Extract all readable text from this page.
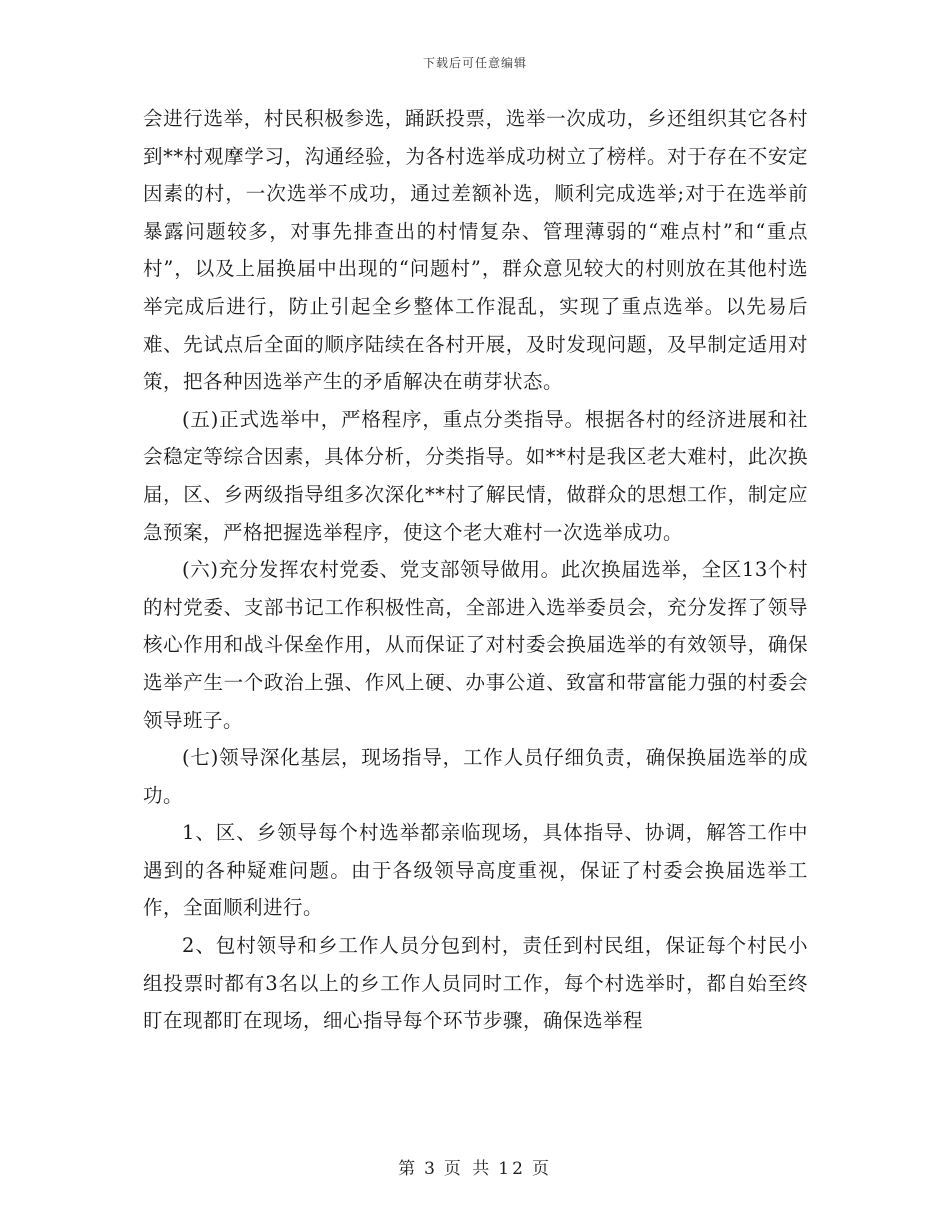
下载后可任意编辑

会进行选举，村民积极参选，踊跃投票，选举一次成功，乡还组织其它各村到**村观摩学习，沟通经验，为各村选举成功树立了榜样。对于存在不安定因素的村，一次选举不成功，通过差额补选，顺利完成选举;对于在选举前暴露问题较多，对事先排查出的村情复杂、管理薄弱的“难点村”和“重点村”，以及上届换届中出现的“问题村”，群众意见较大的村则放在其他村选举完成后进行，防止引起全乡整体工作混乱，实现了重点选举。以先易后难、先试点后全面的顺序陆续在各村开展，及时发现问题，及早制定适用对策，把各种因选举产生的矛盾解决在萌芽状态。

(五)正式选举中，严格程序，重点分类指导。根据各村的经济进展和社会稳定等综合因素，具体分析，分类指导。如**村是我区老大难村，此次换届，区、乡两级指导组多次深化**村了解民情，做群众的思想工作，制定应急预案，严格把握选举程序，使这个老大难村一次选举成功。

(六)充分发挥农村党委、党支部领导做用。此次换届选举，全区13个村的村党委、支部书记工作积极性高，全部进入选举委员会，充分发挥了领导核心作用和战斗保垒作用，从而保证了对村委会换届选举的有效领导，确保选举产生一个政治上强、作风上硬、办事公道、致富和带富能力强的村委会领导班子。

(七)领导深化基层，现场指导，工作人员仔细负责，确保换届选举的成功。

1、区、乡领导每个村选举都亲临现场，具体指导、协调，解答工作中遇到的各种疑难问题。由于各级领导高度重视，保证了村委会换届选举工作，全面顺利进行。

2、包村领导和乡工作人员分包到村，责任到村民组，保证每个村民小组投票时都有3名以上的乡工作人员同时工作，每个村选举时，都自始至终盯在现都盯在现场，细心指导每个环节步骤，确保选举程

第 3 页 共 12 页
